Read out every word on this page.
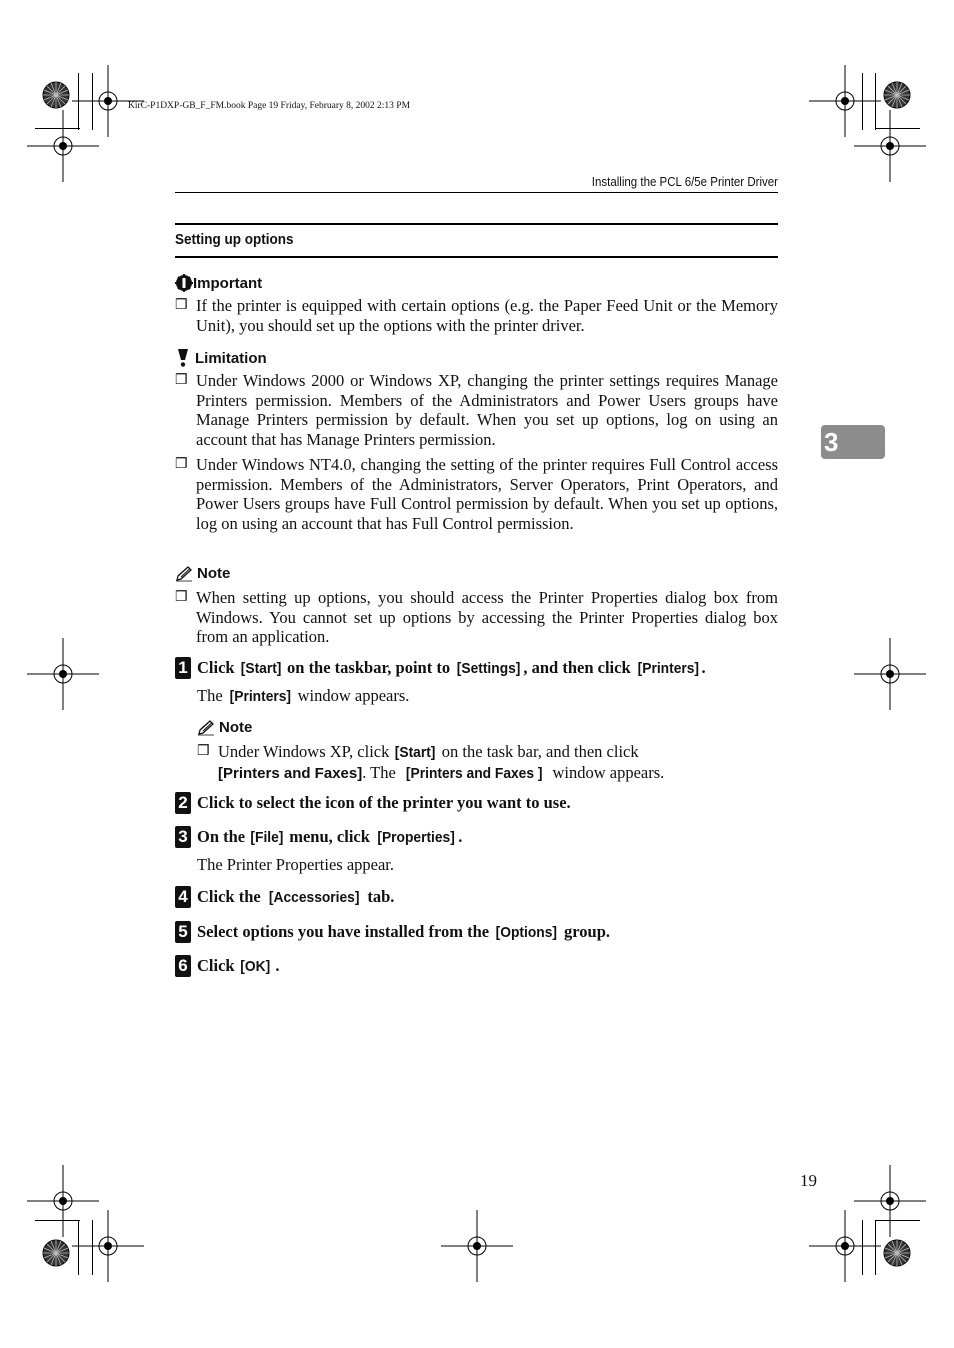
KirC-P1DXP-GB_F_FM.book Page 19 Friday, February 8, 2002 2:13 PM
Installing the PCL 6/5e Printer Driver
Setting up options
3
Important
❒ If the printer is equipped with certain options (e.g. the Paper Feed Unit or the Memory Unit), you should set up the options with the printer driver.
Limitation
❒ Under Windows 2000 or Windows XP, changing the printer settings requires Manage Printers permission. Members of the Administrators and Power Users groups have Manage Printers permission by default. When you set up options, log on using an account that has Manage Printers permission.
❒ Under Windows NT4.0, changing the setting of the printer requires Full Control access permission. Members of the Administrators, Server Operators, Print Operators, and Power Users groups have Full Control permission by default. When you set up options, log on using an account that has Full Control permission.
Note
❒ When setting up options, you should access the Printer Properties dialog box from Windows. You cannot set up options by accessing the Printer Properties dialog box from an application.
1 Click [Start] on the taskbar, point to [Settings] , and then click [Printers] .
The [Printers] window appears.
Note
❒ Under Windows XP, click [Start] on the task bar, and then click [Printers and Faxes]. The [Printers and Faxes ] window appears.
2 Click to select the icon of the printer you want to use.
3 On the [File] menu, click [Properties] .
The Printer Properties appear.
4 Click the [Accessories] tab.
5 Select options you have installed from the [Options] group.
6 Click [OK] .
19
